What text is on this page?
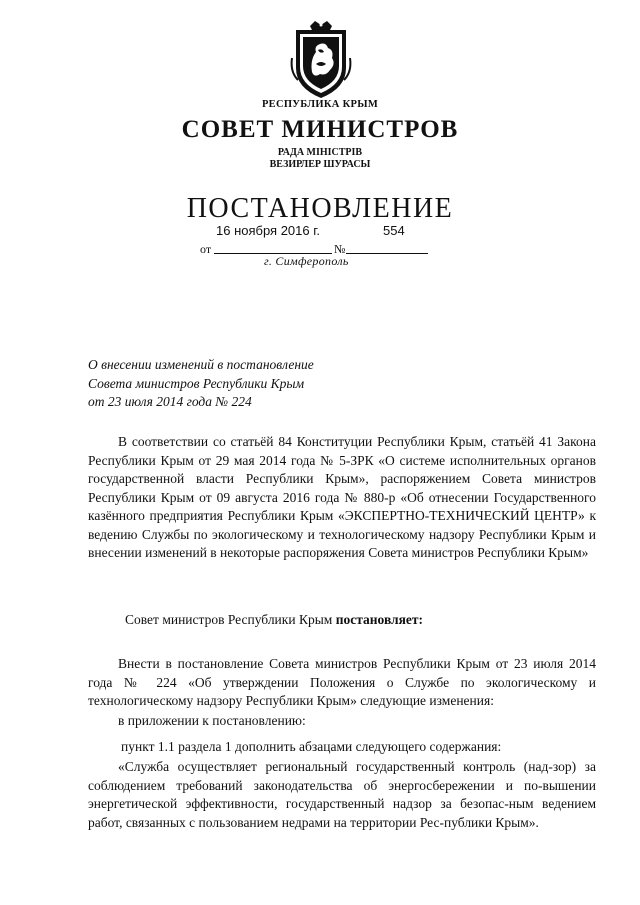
РЕСПУБЛИКА КРЫМ
СОВЕТ МИНИСТРОВ
РАДА МІНІСТРІВ
ВЕЗИРЛЕР ШУРАСЫ
ПОСТАНОВЛЕНИЕ
от	№
16 ноября 2016 г.	554
г. Симферополь
О внесении изменений в постановление
Совета министров Республики Крым
от 23 июля 2014 года № 224
В соответствии со статьёй 84 Конституции Республики Крым, статьёй 41 Закона Республики Крым от 29 мая 2014 года № 5-ЗРК «О системе исполнительных органов государственной власти Республики Крым», распоряжением Совета министров Республики Крым от 09 августа 2016 года № 880-р «Об отнесении Государственного казённого предприятия Республики Крым «ЭКСПЕРТНО-ТЕХНИЧЕСКИЙ ЦЕНТР» к ведению Службы по экологическому и технологическому надзору Республики Крым и внесении изменений в некоторые распоряжения Совета министров Республики Крым»
Совет министров Республики Крым постановляет:
Внести в постановление Совета министров Республики Крым от 23 июля 2014 года № 224 «Об утверждении Положения о Службе по экологическому и технологическому надзору Республики Крым» следующие изменения:
в приложении к постановлению:
пункт 1.1 раздела 1 дополнить абзацами следующего содержания:
«Служба осуществляет региональный государственный контроль (над-зор) за соблюдением требований законодательства об энергосбережении и по-вышении энергетической эффективности, государственный надзор за безопас-ным ведением работ, связанных с пользованием недрами на территории Рес-публики Крым».
